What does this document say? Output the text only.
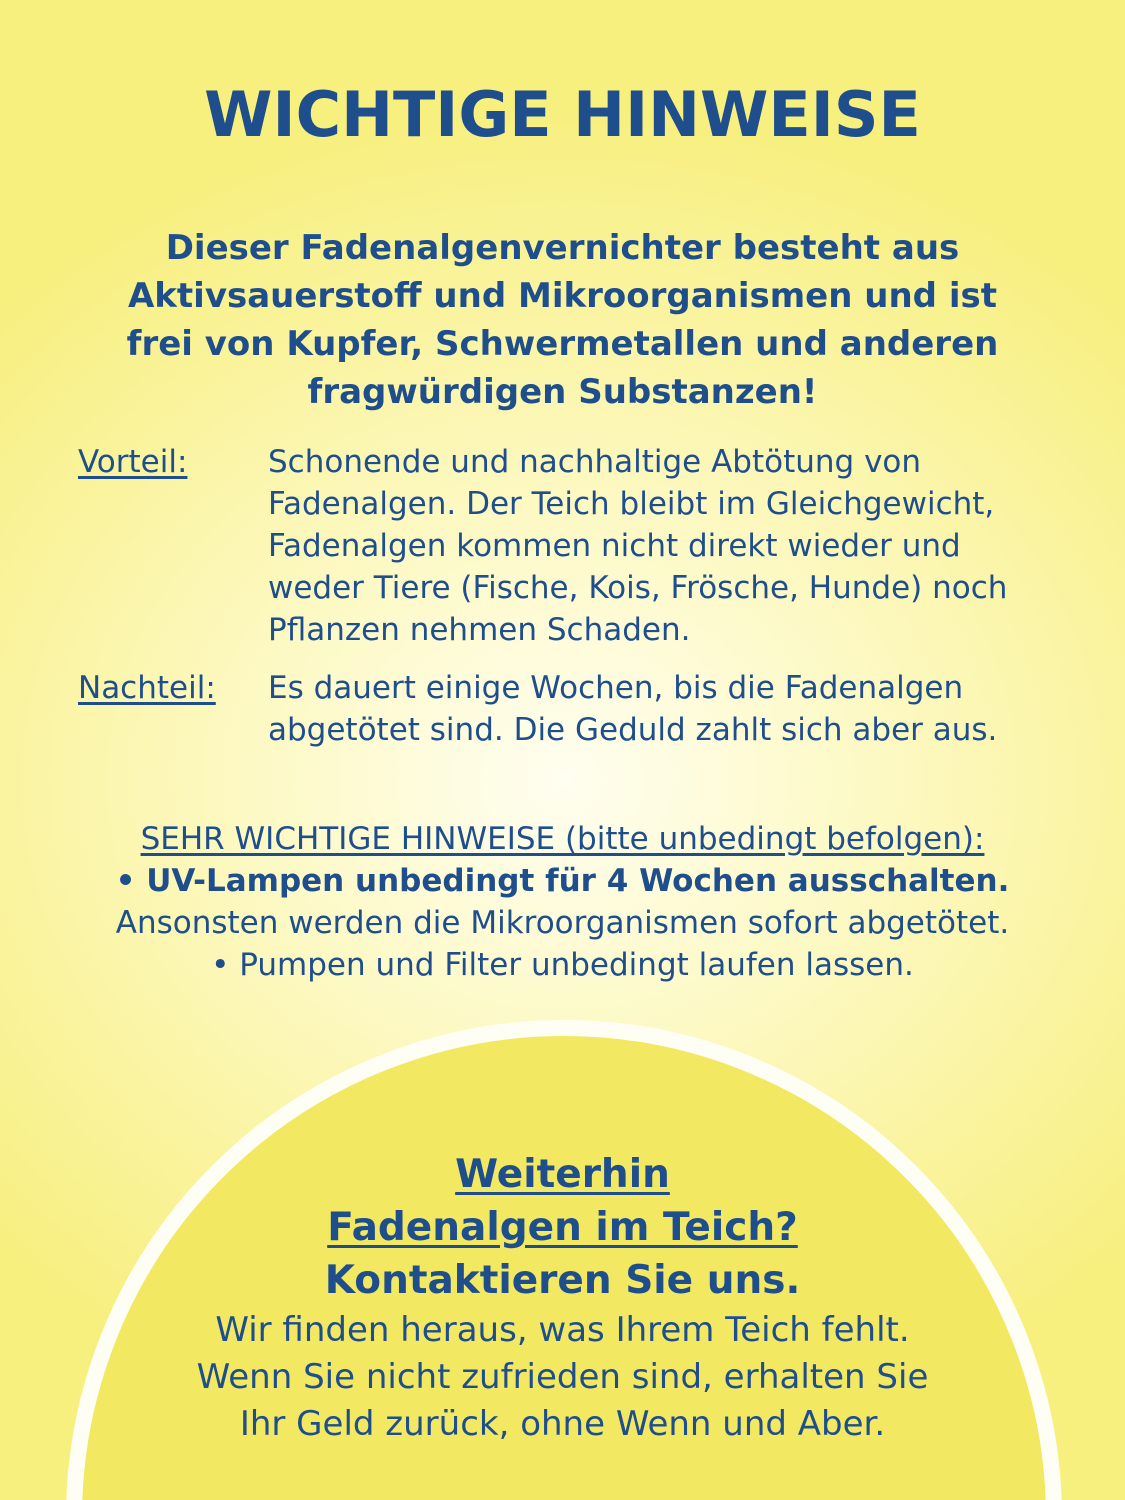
WICHTIGE HINWEISE
Dieser Fadenalgenvernichter besteht aus
Aktivsauerstoff und Mikroorganismen und ist
frei von Kupfer, Schwermetallen und anderen
fragwürdigen Substanzen!
Vorteil:	Schonende und nachhaltige Abtötung von
Fadenalgen. Der Teich bleibt im Gleichgewicht,
Fadenalgen kommen nicht direkt wieder und
weder Tiere (Fische, Kois, Frösche, Hunde) noch
Pflanzen nehmen Schaden.
Nachteil: Es dauert einige Wochen, bis die Fadenalgen
abgetötet sind. Die Geduld zahlt sich aber aus.
SEHR WICHTIGE HINWEISE (bitte unbedingt befolgen):
• UV-Lampen unbedingt für 4 Wochen ausschalten.
Ansonsten werden die Mikroorganismen sofort abgetötet.
• Pumpen und Filter unbedingt laufen lassen.
Weiterhin
Fadenalgen im Teich?
Kontaktieren Sie uns.
Wir finden heraus, was Ihrem Teich fehlt.
Wenn Sie nicht zufrieden sind, erhalten Sie
Ihr Geld zurück, ohne Wenn und Aber.
